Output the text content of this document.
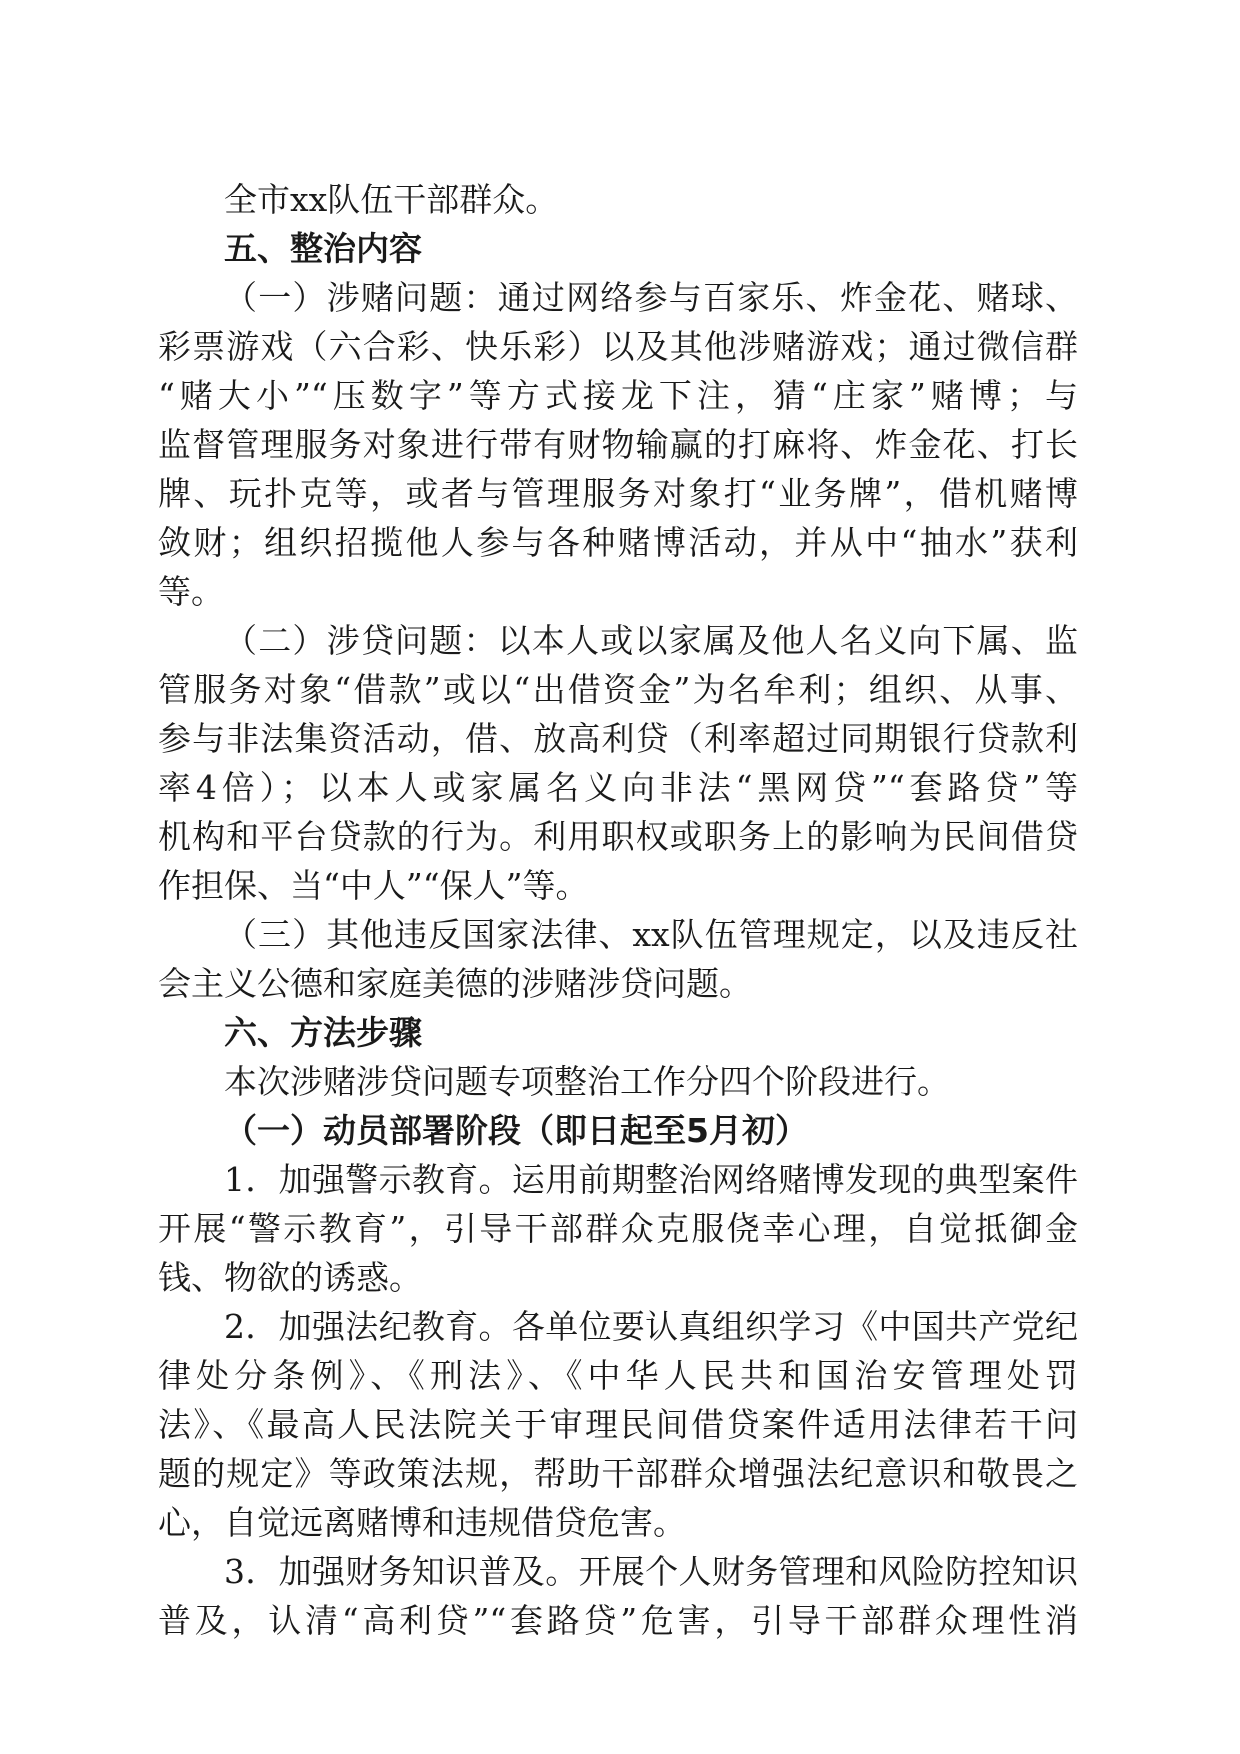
全市xx队伍干部群众。
五、整治内容
（一）涉赌问题：通过网络参与百家乐、炸金花、赌球、
彩票游戏（六合彩、快乐彩）以及其他涉赌游戏；通过微信群
“赌大小”“压数字”等方式接龙下注，猜“庄家”赌博；与
监督管理服务对象进行带有财物输赢的打麻将、炸金花、打长
牌、玩扑克等，或者与管理服务对象打“业务牌”，借机赌博
敛财；组织招揽他人参与各种赌博活动，并从中“抽水”获利
等。
（二）涉贷问题：以本人或以家属及他人名义向下属、监
管服务对象“借款”或以“出借资金”为名牟利；组织、从事、
参与非法集资活动，借、放高利贷（利率超过同期银行贷款利
率4倍）；以本人或家属名义向非法“黑网贷”“套路贷”等
机构和平台贷款的行为。利用职权或职务上的影响为民间借贷
作担保、当“中人”“保人”等。
（三）其他违反国家法律、xx队伍管理规定，以及违反社
会主义公德和家庭美德的涉赌涉贷问题。
六、方法步骤
本次涉赌涉贷问题专项整治工作分四个阶段进行。
（一）动员部署阶段（即日起至5月初）
1．加强警示教育。运用前期整治网络赌博发现的典型案件
开展“警示教育”，引导干部群众克服侥幸心理，自觉抵御金
钱、物欲的诱惑。
2．加强法纪教育。各单位要认真组织学习《中国共产党纪
律处分条例》、《刑法》、《中华人民共和国治安管理处罚
法》、《最高人民法院关于审理民间借贷案件适用法律若干问
题的规定》等政策法规，帮助干部群众增强法纪意识和敬畏之
心，自觉远离赌博和违规借贷危害。
3．加强财务知识普及。开展个人财务管理和风险防控知识
普及，认清“高利贷”“套路贷”危害，引导干部群众理性消
